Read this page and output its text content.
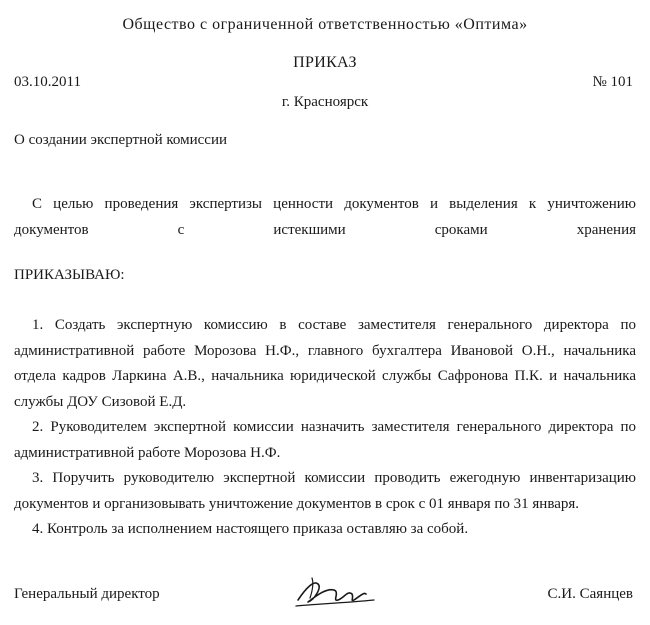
Общество с ограниченной ответственностью «Оптима»
ПРИКАЗ
03.10.2011	№ 101
г. Красноярск
О создании экспертной комиссии
С целью проведения экспертизы ценности документов и выделения к уничтожению документов с истекшими сроками хранения
ПРИКАЗЫВАЮ:
1. Создать экспертную комиссию в составе заместителя генерального директора по административной работе Морозова Н.Ф., главного бухгалтера Ивановой О.Н., начальника отдела кадров Ларкина А.В., начальника юридической службы Сафронова П.К. и начальника службы ДОУ Сизовой Е.Д.
2. Руководителем экспертной комиссии назначить заместителя генерального директора по административной работе Морозова Н.Ф.
3. Поручить руководителю экспертной комиссии проводить ежегодную инвентаризацию документов и организовывать уничтожение документов в срок с 01 января по 31 января.
4. Контроль за исполнением настоящего приказа оставляю за собой.
Генеральный директор	С.И. Саянцев
